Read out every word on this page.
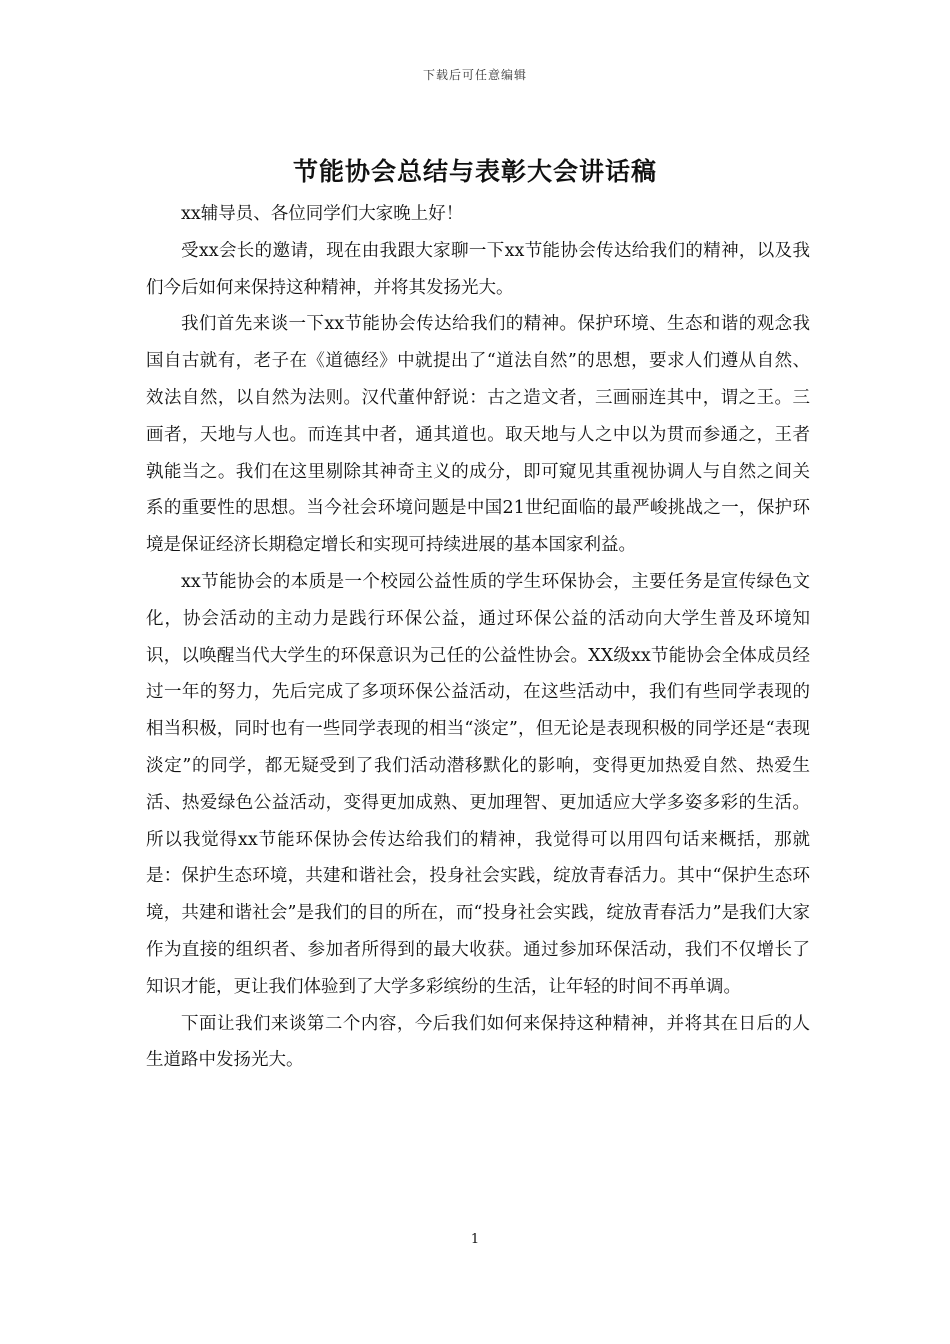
下载后可任意编辑
节能协会总结与表彰大会讲话稿

xx辅导员、各位同学们大家晚上好！

受xx会长的邀请，现在由我跟大家聊一下xx节能协会传达给我们的精神，以及我们今后如何来保持这种精神，并将其发扬光大。

我们首先来谈一下xx节能协会传达给我们的精神。保护环境、生态和谐的观念我国自古就有，老子在《道德经》中就提出了“道法自然”的思想，要求人们遵从自然、效法自然，以自然为法则。汉代董仲舒说：古之造文者，三画丽连其中，谓之王。三画者，天地与人也。而连其中者，通其道也。取天地与人之中以为贯而参通之，王者孰能当之。我们在这里剔除其神奇主义的成分，即可窥见其重视协调人与自然之间关系的重要性的思想。当今社会环境问题是中国21世纪面临的最严峻挑战之一，保护环境是保证经济长期稳定增长和实现可持续进展的基本国家利益。

xx节能协会的本质是一个校园公益性质的学生环保协会，主要任务是宣传绿色文化，协会活动的主动力是践行环保公益，通过环保公益的活动向大学生普及环境知识，以唤醒当代大学生的环保意识为己任的公益性协会。XX级xx节能协会全体成员经过一年的努力，先后完成了多项环保公益活动，在这些活动中，我们有些同学表现的相当积极，同时也有一些同学表现的相当“淡定”，但无论是表现积极的同学还是“表现淡定”的同学，都无疑受到了我们活动潜移默化的影响，变得更加热爱自然、热爱生活、热爱绿色公益活动，变得更加成熟、更加理智、更加适应大学多姿多彩的生活。所以我觉得xx节能环保协会传达给我们的精神，我觉得可以用四句话来概括，那就是：保护生态环境，共建和谐社会，投身社会实践，绽放青春活力。其中“保护生态环境，共建和谐社会”是我们的目的所在，而“投身社会实践，绽放青春活力”是我们大家作为直接的组织者、参加者所得到的最大收获。通过参加环保活动，我们不仅增长了知识才能，更让我们体验到了大学多彩缤纷的生活，让年轻的时间不再单调。

下面让我们来谈第二个内容，今后我们如何来保持这种精神，并将其在日后的人生道路中发扬光大。

1
